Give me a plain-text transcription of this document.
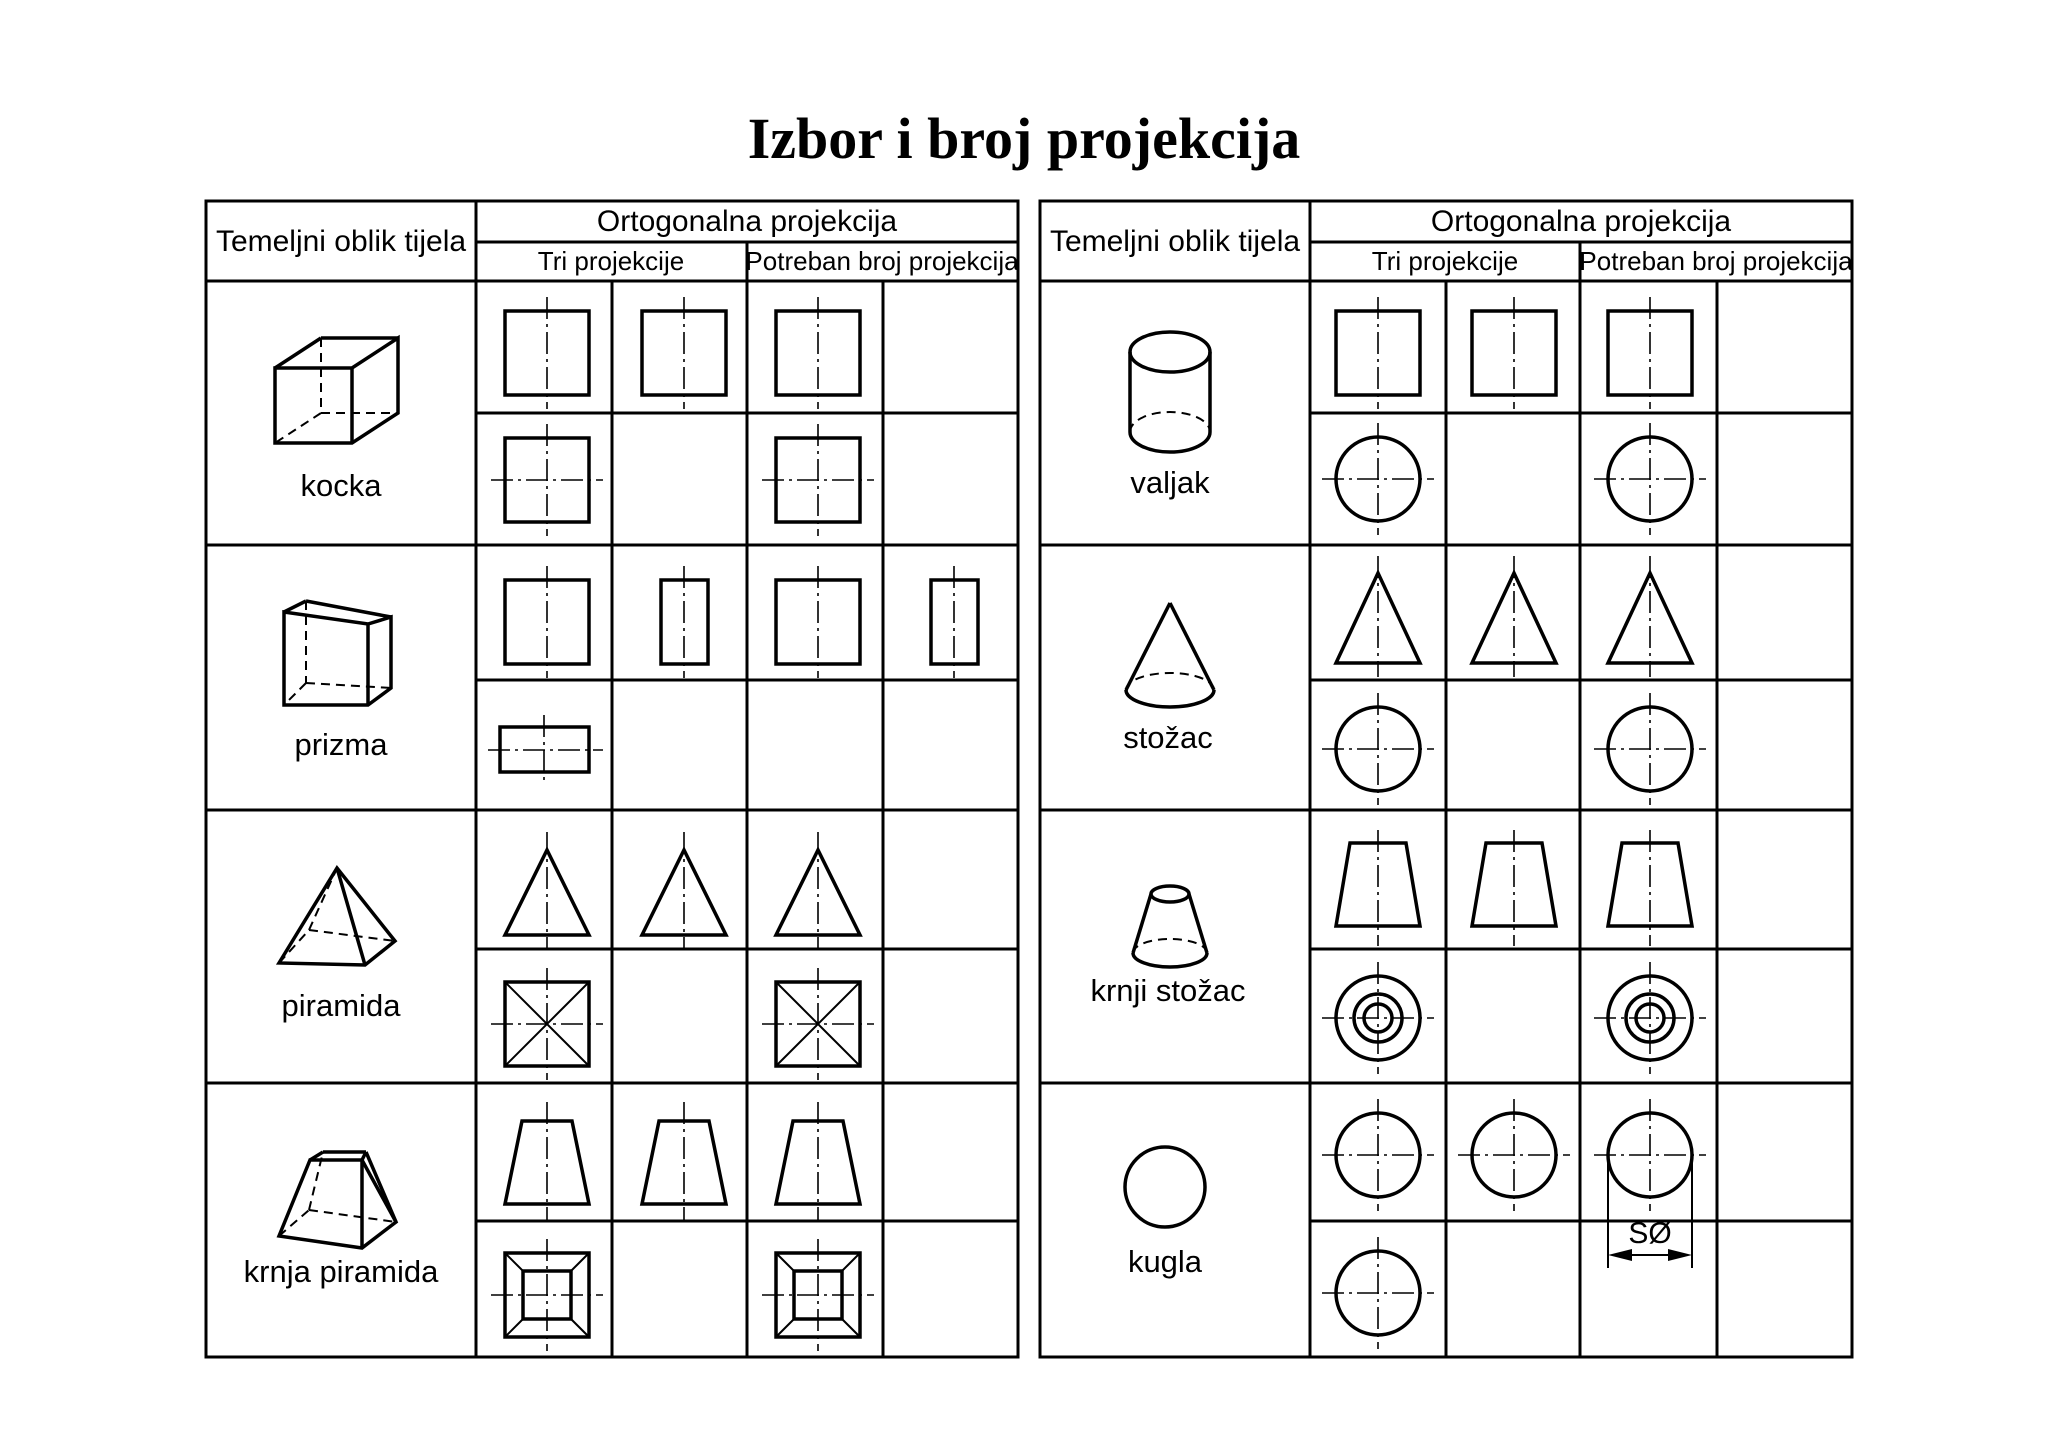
Izbor i broj projekcija
Temeljni oblik tijela
Ortogonalna projekcija
Tri projekcije Potreban broj projekcija
kocka
prizma
piramida
krnja piramida
Temeljni oblik tijela
Ortogonalna projekcija
Tri projekcije Potreban broj projekcija
valjak
stožac
krnji stožac
kugla
SØ
